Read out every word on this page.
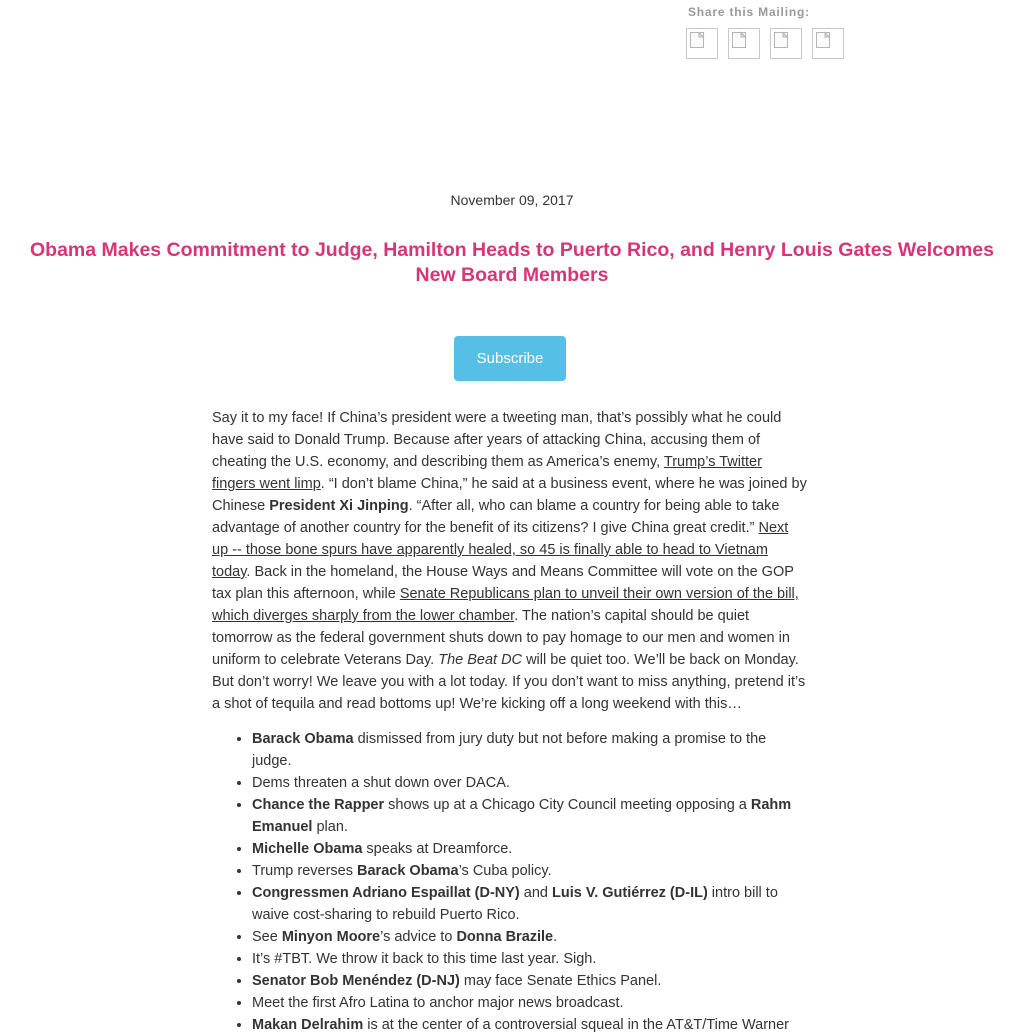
Share this Mailing:
November 09, 2017
Obama Makes Commitment to Judge, Hamilton Heads to Puerto Rico, and Henry Louis Gates Welcomes New Board Members
Subscribe

Say it to my face! If China’s president were a tweeting man, that’s possibly what he could have said to Donald Trump. Because after years of attacking China, accusing them of cheating the U.S. economy, and describing them as America’s enemy, Trump’s Twitter fingers went limp. “I don’t blame China,” he said at a business event, where he was joined by Chinese President Xi Jinping. “After all, who can blame a country for being able to take advantage of another country for the benefit of its citizens? I give China great credit.” Next up -- those bone spurs have apparently healed, so 45 is finally able to head to Vietnam today. Back in the homeland, the House Ways and Means Committee will vote on the GOP tax plan this afternoon, while Senate Republicans plan to unveil their own version of the bill, which diverges sharply from the lower chamber. The nation’s capital should be quiet tomorrow as the federal government shuts down to pay homage to our men and women in uniform to celebrate Veterans Day. The Beat DC will be quiet too. We’ll be back on Monday. But don’t worry! We leave you with a lot today. If you don’t want to miss anything, pretend it’s a shot of tequila and read bottoms up! We’re kicking off a long weekend with this…

• Barack Obama dismissed from jury duty but not before making a promise to the judge.
• Dems threaten a shut down over DACA.
• Chance the Rapper shows up at a Chicago City Council meeting opposing a Rahm Emanuel plan.
• Michelle Obama speaks at Dreamforce.
• Trump reverses Barack Obama’s Cuba policy.
• Congressmen Adriano Espaillat (D-NY) and Luis V. Gutiérrez (D-IL) intro bill to waive cost-sharing to rebuild Puerto Rico.
• See Minyon Moore’s advice to Donna Brazile.
• It’s #TBT. We throw it back to this time last year. Sigh.
• Senator Bob Menéndez (D-NJ) may face Senate Ethics Panel.
• Meet the first Afro Latina to anchor major news broadcast.
• Makan Delrahim is at the center of a controversial squeal in the AT&T/Time Warner
